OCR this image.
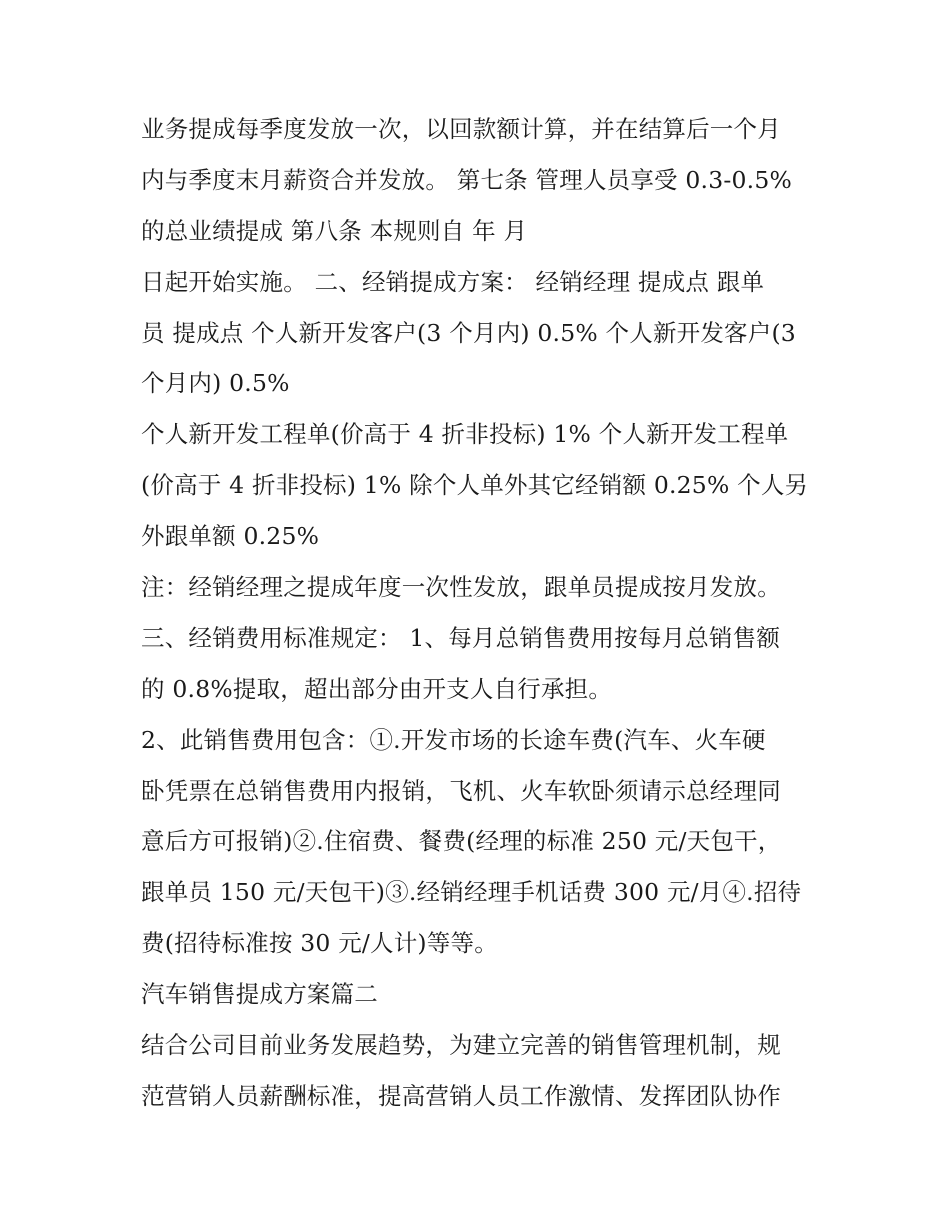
业务提成每季度发放一次，以回款额计算，并在结算后一个月
内与季度末月薪资合并发放。 第七条 管理人员享受 0.3-0.5%
的总业绩提成 第八条 本规则自 年 月
日起开始实施。 二、经销提成方案： 经销经理 提成点 跟单
员 提成点 个人新开发客户(3 个月内) 0.5% 个人新开发客户(3
个月内) 0.5%
个人新开发工程单(价高于 4 折非投标) 1% 个人新开发工程单
(价高于 4 折非投标) 1% 除个人单外其它经销额 0.25% 个人另
外跟单额 0.25%
注：经销经理之提成年度一次性发放，跟单员提成按月发放。
三、经销费用标准规定： 1、每月总销售费用按每月总销售额
的 0.8%提取，超出部分由开支人自行承担。
2、此销售费用包含：①.开发市场的长途车费(汽车、火车硬
卧凭票在总销售费用内报销，飞机、火车软卧须请示总经理同
意后方可报销)②.住宿费、餐费(经理的标准 250 元/天包干，
跟单员 150 元/天包干)③.经销经理手机话费 300 元/月④.招待
费(招待标准按 30 元/人计)等等。
汽车销售提成方案篇二
结合公司目前业务发展趋势，为建立完善的销售管理机制，规
范营销人员薪酬标准，提高营销人员工作激情、发挥团队协作
